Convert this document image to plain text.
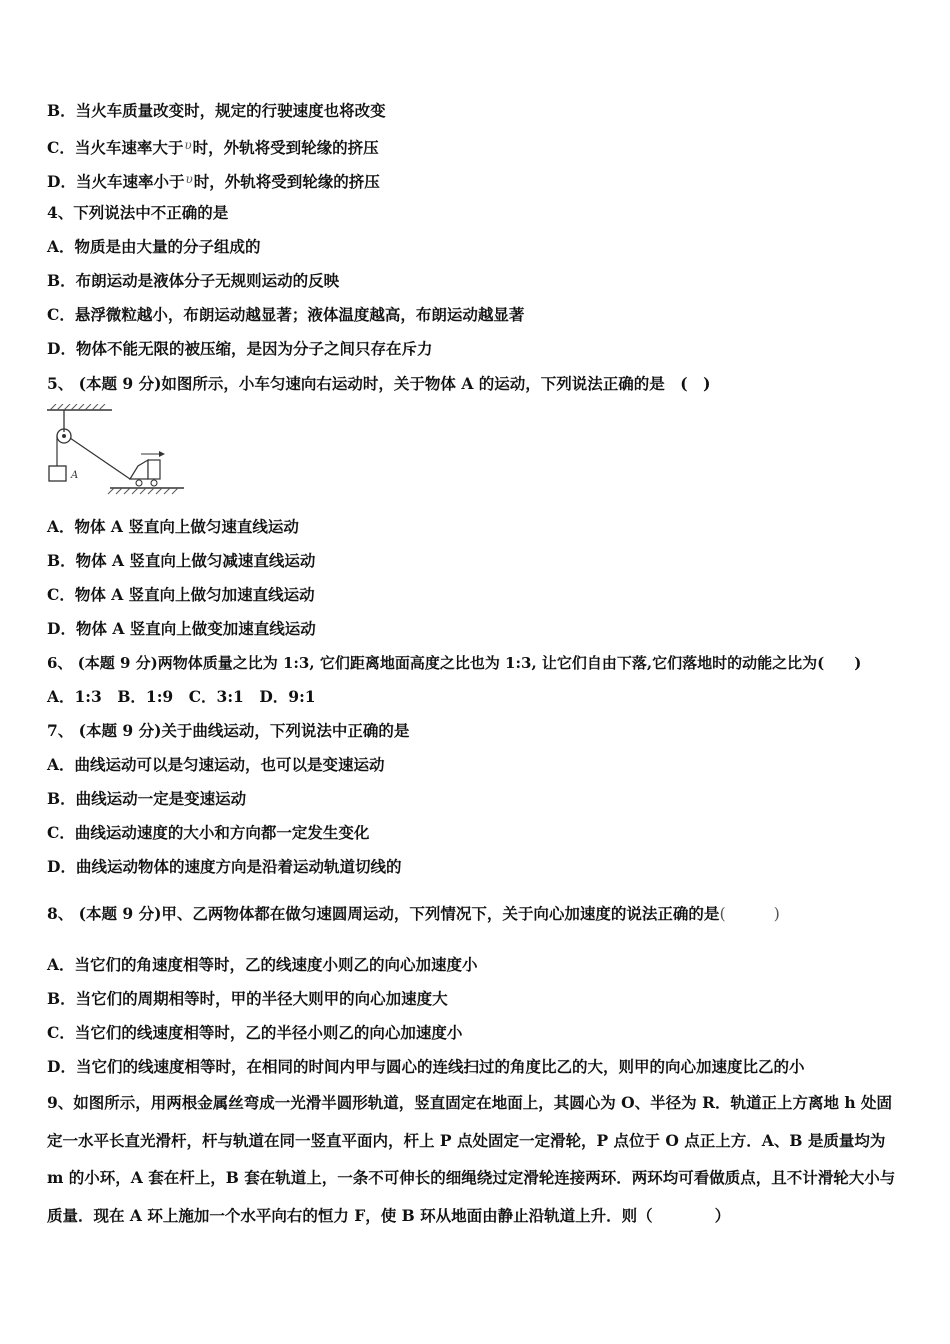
B．当火车质量改变时，规定的行驶速度也将改变
C．当火车速率大于$^\upsilon$时，外轨将受到轮缘的挤压
D．当火车速率小于$^\upsilon$时，外轨将受到轮缘的挤压
4、下列说法中不正确的是
A．物质是由大量的分子组成的
B．布朗运动是液体分子无规则运动的反映
C．悬浮微粒越小，布朗运动越显著；液体温度越高，布朗运动越显著
D．物体不能无限的被压缩，是因为分子之间只存在斥力
5、 (本题 9 分)如图所示，小车匀速向右运动时，关于物体 A 的运动，下列说法正确的是　(　)
A
A．物体 A 竖直向上做匀速直线运动
B．物体 A 竖直向上做匀减速直线运动
C．物体 A 竖直向上做匀加速直线运动
D．物体 A 竖直向上做变加速直线运动
6、 (本题 9 分)两物体质量之比为 1:3, 它们距离地面高度之比也为 1:3, 让它们自由下落,它们落地时的动能之比为(　　)
A．1:3　B．1:9　C．3:1　D．9:1
7、 (本题 9 分)关于曲线运动，下列说法中正确的是
A．曲线运动可以是匀速运动，也可以是变速运动
B．曲线运动一定是变速运动
C．曲线运动速度的大小和方向都一定发生变化
D．曲线运动物体的速度方向是沿着运动轨道切线的
8、 (本题 9 分)甲、乙两物体都在做匀速圆周运动，下列情况下，关于向心加速度的说法正确的是(　　　)
A．当它们的角速度相等时，乙的线速度小则乙的向心加速度小
B．当它们的周期相等时，甲的半径大则甲的向心加速度大
C．当它们的线速度相等时，乙的半径小则乙的向心加速度小
D．当它们的线速度相等时，在相同的时间内甲与圆心的连线扫过的角度比乙的大，则甲的向心加速度比乙的小
9、如图所示，用两根金属丝弯成一光滑半圆形轨道，竖直固定在地面上，其圆心为 O、半径为 R．轨道正上方离地 h 处固定一水平长直光滑杆，杆与轨道在同一竖直平面内，杆上 P 点处固定一定滑轮，P 点位于 O 点正上方．A、B 是质量均为 m 的小环，A 套在杆上，B 套在轨道上，一条不可伸长的细绳绕过定滑轮连接两环．两环均可看做质点，且不计滑轮大小与质量．现在 A 环上施加一个水平向右的恒力 F，使 B 环从地面由静止沿轨道上升．则（　　　　）
